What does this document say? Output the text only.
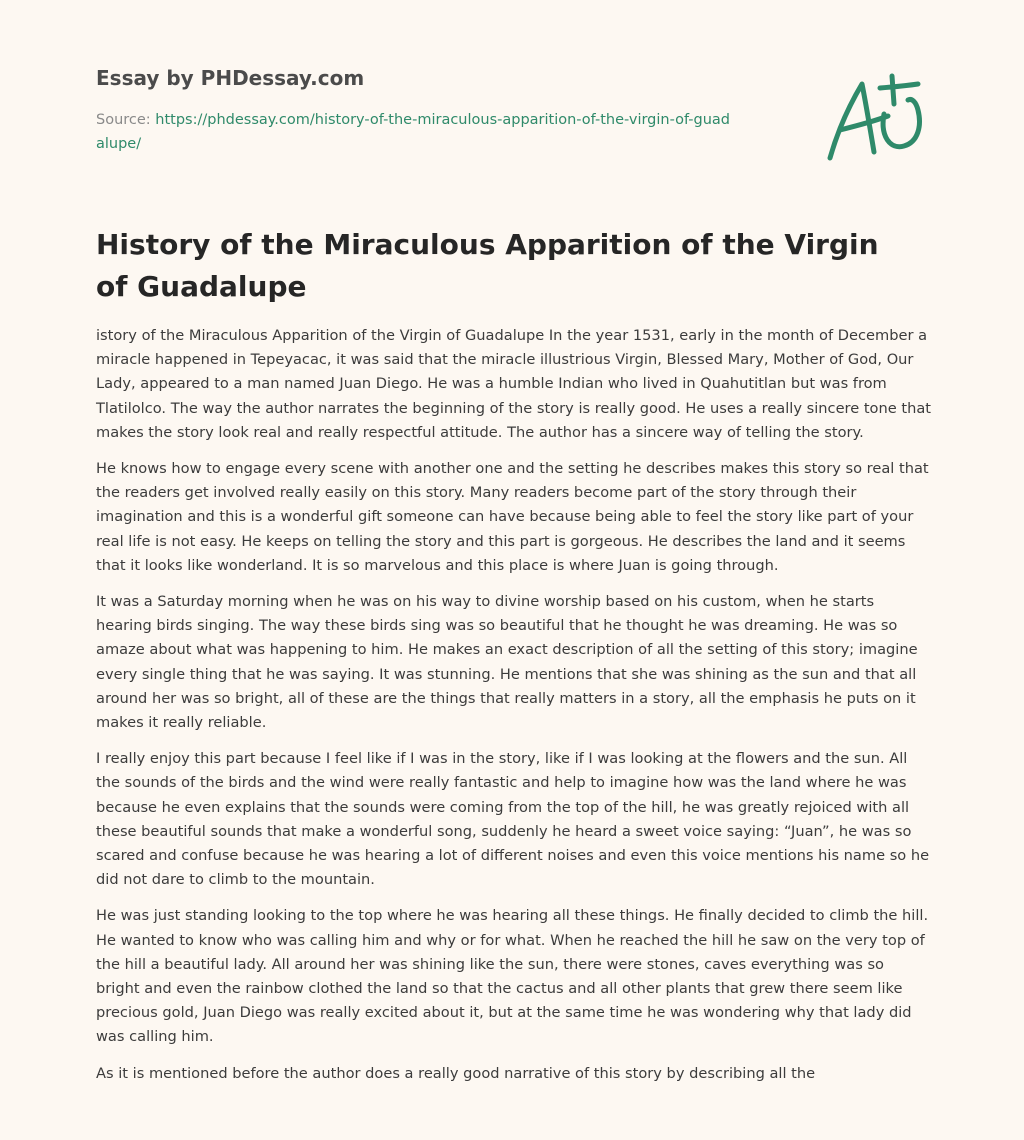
Essay by PHDessay.com
Source: https://phdessay.com/history-of-the-miraculous-apparition-of-the-virgin-of-guadalupe/
History of the Miraculous Apparition of the Virgin of Guadalupe

istory of the Miraculous Apparition of the Virgin of Guadalupe In the year 1531, early in the month of December a miracle happened in Tepeyacac, it was said that the miracle illustrious Virgin, Blessed Mary, Mother of God, Our Lady, appeared to a man named Juan Diego. He was a humble Indian who lived in Quahutitlan but was from Tlatilolco. The way the author narrates the beginning of the story is really good. He uses a really sincere tone that makes the story look real and really respectful attitude. The author has a sincere way of telling the story.

He knows how to engage every scene with another one and the setting he describes makes this story so real that the readers get involved really easily on this story. Many readers become part of the story through their imagination and this is a wonderful gift someone can have because being able to feel the story like part of your real life is not easy. He keeps on telling the story and this part is gorgeous. He describes the land and it seems that it looks like wonderland. It is so marvelous and this place is where Juan is going through.

It was a Saturday morning when he was on his way to divine worship based on his custom, when he starts hearing birds singing. The way these birds sing was so beautiful that he thought he was dreaming. He was so amaze about what was happening to him. He makes an exact description of all the setting of this story; imagine every single thing that he was saying. It was stunning. He mentions that she was shining as the sun and that all around her was so bright, all of these are the things that really matters in a story, all the emphasis he puts on it makes it really reliable.

I really enjoy this part because I feel like if I was in the story, like if I was looking at the flowers and the sun. All the sounds of the birds and the wind were really fantastic and help to imagine how was the land where he was because he even explains that the sounds were coming from the top of the hill, he was greatly rejoiced with all these beautiful sounds that make a wonderful song, suddenly he heard a sweet voice saying: “Juan”, he was so scared and confuse because he was hearing a lot of different noises and even this voice mentions his name so he did not dare to climb to the mountain.

He was just standing looking to the top where he was hearing all these things. He finally decided to climb the hill. He wanted to know who was calling him and why or for what. When he reached the hill he saw on the very top of the hill a beautiful lady. All around her was shining like the sun, there were stones, caves everything was so bright and even the rainbow clothed the land so that the cactus and all other plants that grew there seem like precious gold, Juan Diego was really excited about it, but at the same time he was wondering why that lady did was calling him.

As it is mentioned before the author does a really good narrative of this story by describing all the
